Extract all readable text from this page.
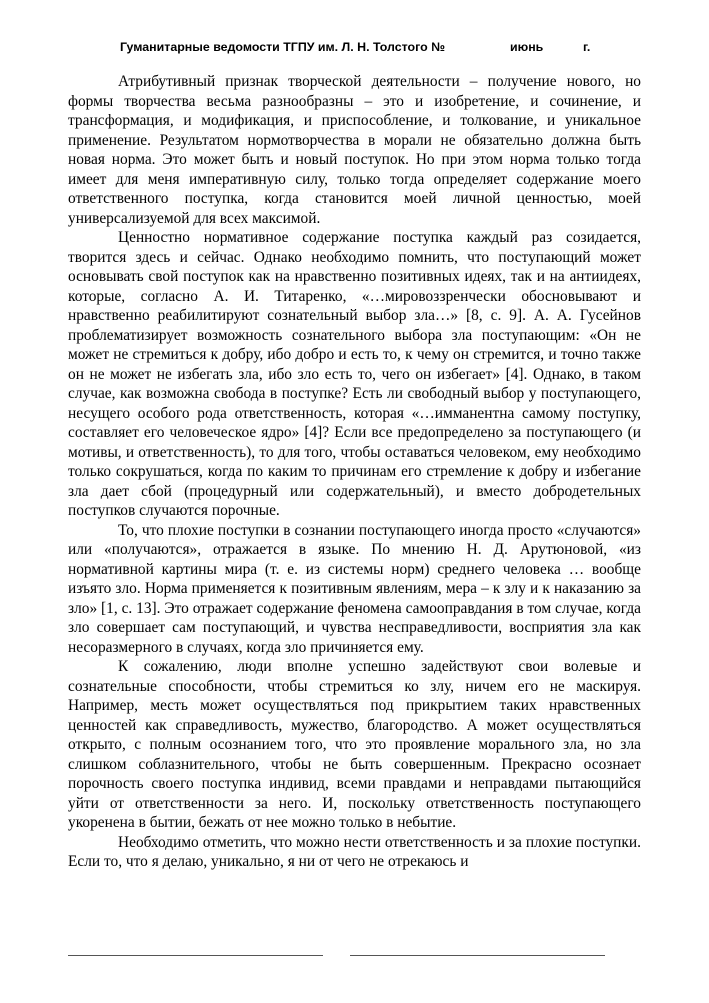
Гуманитарные ведомости ТГПУ им. Л. Н. Толстого №	июнь	г.

Атрибутивный признак творческой деятельности – получение нового, но формы творчества весьма разнообразны – это и изобретение, и сочинение, и трансформация, и модификация, и приспособление, и толкование, и уникальное применение. Результатом нормотворчества в морали не обязательно должна быть новая норма. Это может быть и новый поступок. Но при этом норма только тогда имеет для меня императивную силу, только тогда определяет содержание моего ответственного поступка, когда становится моей личной ценностью, моей универсализуемой для всех максимой.

Ценностно нормативное содержание поступка каждый раз созидается, творится здесь и сейчас. Однако необходимо помнить, что поступающий может основывать свой поступок как на нравственно позитивных идеях, так и на антиидеях, которые, согласно А. И. Титаренко, «…мировоззренчески обосновывают и нравственно реабилитируют сознательный выбор зла…» [8, с. 9]. А. А. Гусейнов проблематизирует возможность сознательного выбора зла поступающим: «Он не может не стремиться к добру, ибо добро и есть то, к чему он стремится, и точно также он не может не избегать зла, ибо зло есть то, чего он избегает» [4]. Однако, в таком случае, как возможна свобода в поступке? Есть ли свободный выбор у поступающего, несущего особого рода ответственность, которая «…имманентна самому поступку, составляет его человеческое ядро» [4]? Если все предопределено за поступающего (и мотивы, и ответственность), то для того, чтобы оставаться человеком, ему необходимо только сокрушаться, когда по каким то причинам его стремление к добру и избегание зла дает сбой (процедурный или содержательный), и вместо добродетельных поступков случаются порочные.

То, что плохие поступки в сознании поступающего иногда просто «случаются» или «получаются», отражается в языке. По мнению Н. Д. Арутюновой, «из нормативной картины мира (т. е. из системы норм) среднего человека … вообще изъято зло. Норма применяется к позитивным явлениям, мера – к злу и к наказанию за зло» [1, с. 13]. Это отражает содержание феномена самооправдания в том случае, когда зло совершает сам поступающий, и чувства несправедливости, восприятия зла как несоразмерного в случаях, когда зло причиняется ему.

К сожалению, люди вполне успешно задействуют свои волевые и сознательные способности, чтобы стремиться ко злу, ничем его не маскируя. Например, месть может осуществляться под прикрытием таких нравственных ценностей как справедливость, мужество, благородство. А может осуществляться открыто, с полным осознанием того, что это проявление морального зла, но зла слишком соблазнительного, чтобы не быть совершенным. Прекрасно осознает порочность своего поступка индивид, всеми правдами и неправдами пытающийся уйти от ответственности за него. И, поскольку ответственность поступающего укоренена в бытии, бежать от нее можно только в небытие.

Необходимо отметить, что можно нести ответственность и за плохие поступки. Если то, что я делаю, уникально, я ни от чего не отрекаюсь и
